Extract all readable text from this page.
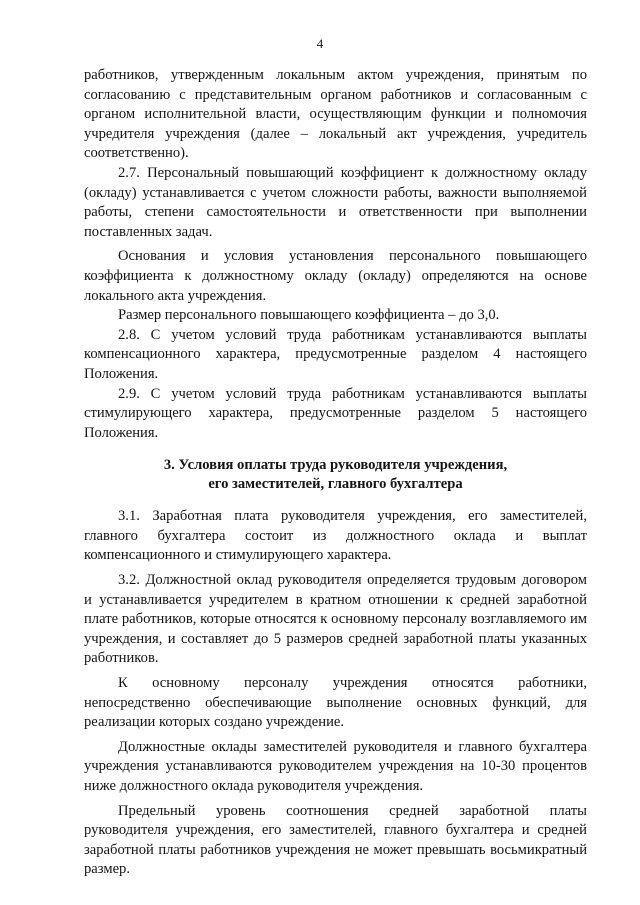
4

работников, утвержденным локальным актом учреждения, принятым по согласованию с представительным органом работников и согласованным с органом исполнительной власти, осуществляющим функции и полномочия учредителя учреждения (далее – локальный акт учреждения, учредитель соответственно).

2.7. Персональный повышающий коэффициент к должностному окладу (окладу) устанавливается с учетом сложности работы, важности выполняемой работы, степени самостоятельности и ответственности при выполнении поставленных задач.

Основания и условия установления персонального повышающего коэффициента к должностному окладу (окладу) определяются на основе локального акта учреждения.

Размер персонального повышающего коэффициента – до 3,0.

2.8. С учетом условий труда работникам устанавливаются выплаты компенсационного характера, предусмотренные разделом 4 настоящего Положения.

2.9. С учетом условий труда работникам устанавливаются выплаты стимулирующего характера, предусмотренные разделом 5 настоящего Положения.

3. Условия оплаты труда руководителя учреждения,
его заместителей, главного бухгалтера

3.1. Заработная плата руководителя учреждения, его заместителей, главного бухгалтера состоит из должностного оклада и выплат компенсационного и стимулирующего характера.

3.2. Должностной оклад руководителя определяется трудовым договором и устанавливается учредителем в кратном отношении к средней заработной плате работников, которые относятся к основному персоналу возглавляемого им учреждения, и составляет до 5 размеров средней заработной платы указанных работников.

К основному персоналу учреждения относятся работники, непосредственно обеспечивающие выполнение основных функций, для реализации которых создано учреждение.

Должностные оклады заместителей руководителя и главного бухгалтера учреждения устанавливаются руководителем учреждения на 10-30 процентов ниже должностного оклада руководителя учреждения.

Предельный уровень соотношения средней заработной платы руководителя учреждения, его заместителей, главного бухгалтера и средней заработной платы работников учреждения не может превышать восьмикратный размер.
